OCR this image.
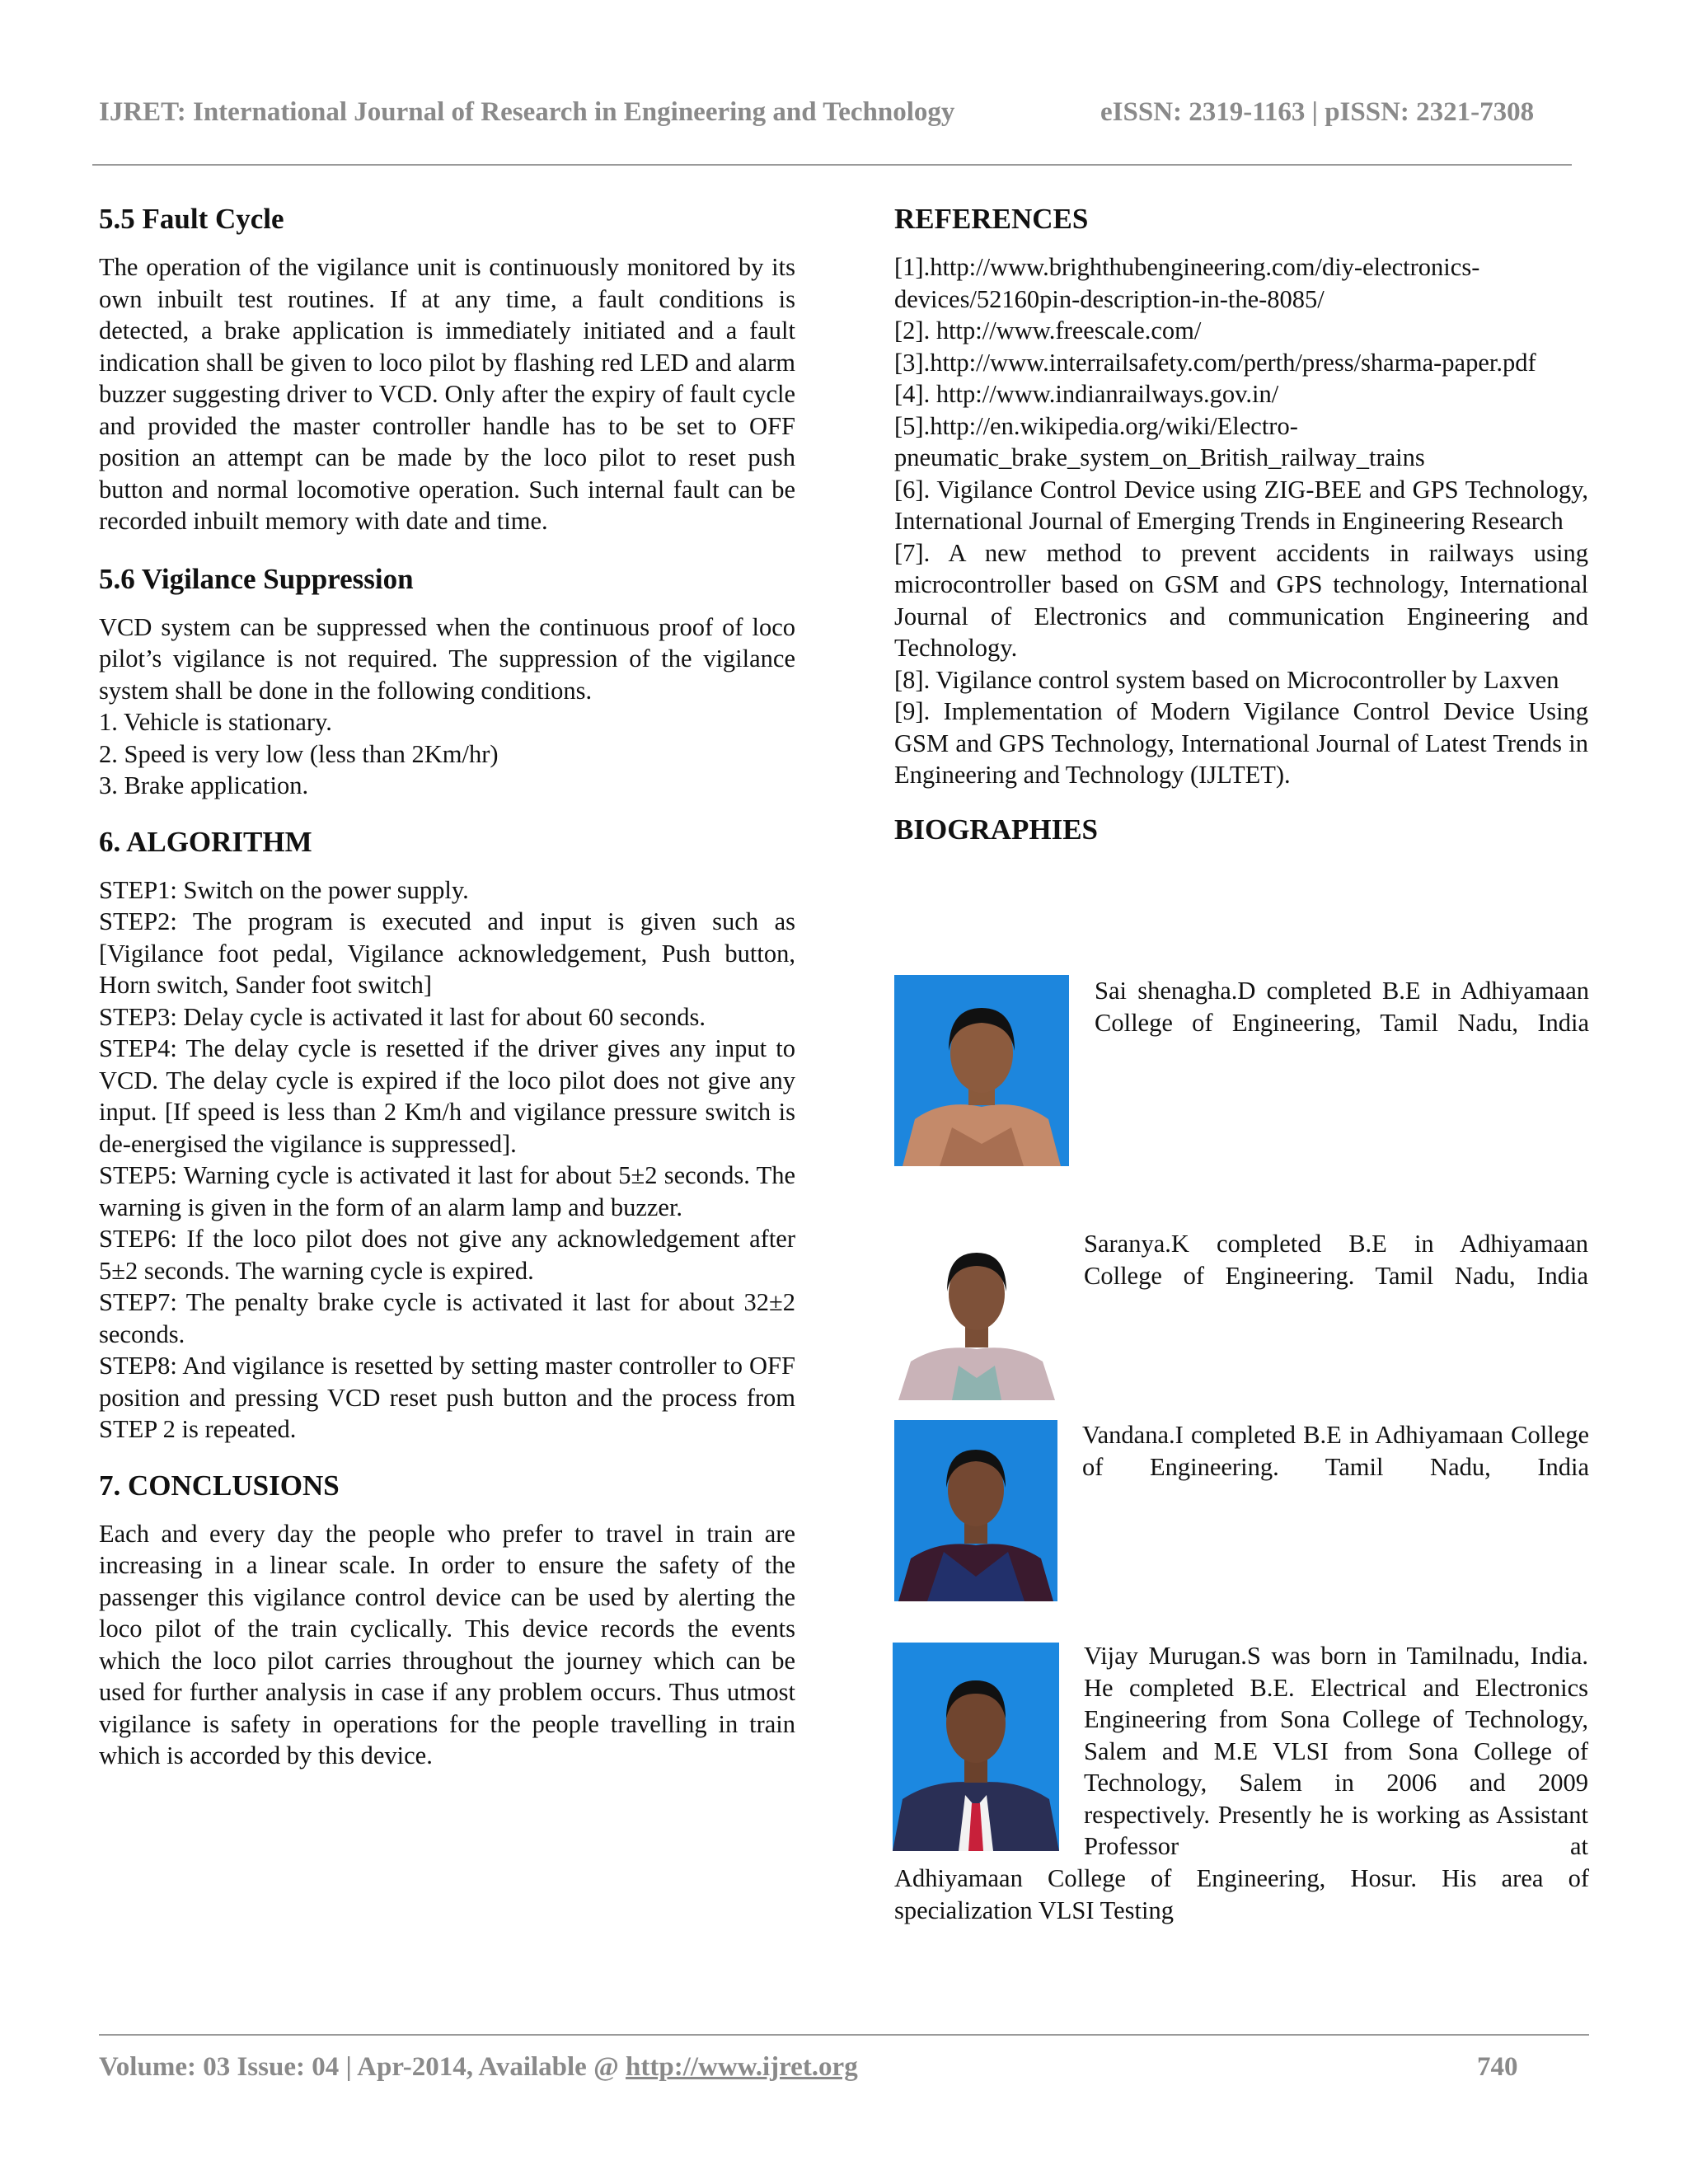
IJRET: International Journal of Research in Engineering and Technology	eISSN: 2319-1163 | pISSN: 2321-7308
5.5 Fault Cycle

The operation of the vigilance unit is continuously monitored by its own inbuilt test routines. If at any time, a fault conditions is detected, a brake application is immediately initiated and a fault indication shall be given to loco pilot by flashing red LED and alarm buzzer suggesting driver to VCD. Only after the expiry of fault cycle and provided the master controller handle has to be set to OFF position an attempt can be made by the loco pilot to reset push button and normal locomotive operation. Such internal fault can be recorded inbuilt memory with date and time.

5.6 Vigilance Suppression

VCD system can be suppressed when the continuous proof of loco pilot’s vigilance is not required. The suppression of the vigilance system shall be done in the following conditions.

1. Vehicle is stationary.

2. Speed is very low (less than 2Km/hr)

3. Brake application.

6. ALGORITHM

STEP1: Switch on the power supply.

STEP2: The program is executed and input is given such as [Vigilance foot pedal, Vigilance acknowledgement, Push button, Horn switch, Sander foot switch]

STEP3: Delay cycle is activated it last for about 60 seconds.

STEP4: The delay cycle is resetted if the driver gives any input to VCD. The delay cycle is expired if the loco pilot does not give any input. [If speed is less than 2 Km/h and vigilance pressure switch is de-energised the vigilance is suppressed].

STEP5: Warning cycle is activated it last for about 5±2 seconds. The warning is given in the form of an alarm lamp and buzzer.

STEP6: If the loco pilot does not give any acknowledgement after 5±2 seconds. The warning cycle is expired.

STEP7: The penalty brake cycle is activated it last for about 32±2 seconds.

STEP8: And vigilance is resetted by setting master controller to OFF position and pressing VCD reset push button and the process from STEP 2 is repeated.

7. CONCLUSIONS

Each and every day the people who prefer to travel in train are increasing in a linear scale. In order to ensure the safety of the passenger this vigilance control device can be used by alerting the loco pilot of the train cyclically. This device records the events which the loco pilot carries throughout the journey which can be used for further analysis in case if any problem occurs. Thus utmost vigilance is safety in operations for the people travelling in train which is accorded by this device.

REFERENCES

[1].http://www.brighthubengineering.com/diy-electronics-devices/52160pin-description-in-the-8085/

[2]. http://www.freescale.com/

[3].http://www.interrailsafety.com/perth/press/sharma-paper.pdf

[4]. http://www.indianrailways.gov.in/

[5].http://en.wikipedia.org/wiki/Electro-pneumatic_brake_system_on_British_railway_trains

[6]. Vigilance Control Device using ZIG-BEE and GPS Technology, International Journal of Emerging Trends in Engineering Research

[7]. A new method to prevent accidents in railways using microcontroller based on GSM and GPS technology, International Journal of Electronics and communication Engineering and Technology.

[8]. Vigilance control system based on Microcontroller by Laxven

[9]. Implementation of Modern Vigilance Control Device Using GSM and GPS Technology, International Journal of Latest Trends in Engineering and Technology (IJLTET).

BIOGRAPHIES
Sai shenagha.D completed B.E in Adhiyamaan College of Engineering, Tamil Nadu, India
Saranya.K completed B.E in Adhiyamaan College of Engineering. Tamil Nadu, India
Vandana.I completed B.E in Adhiyamaan College of Engineering. Tamil Nadu, India
Vijay Murugan.S was born in Tamilnadu, India. He completed B.E. Electrical and Electronics Engineering from Sona College of Technology, Salem and M.E VLSI from Sona College of Technology, Salem in 2006 and 2009 respectively. Presently he is working as Assistant Professor at
Adhiyamaan College of Engineering, Hosur. His area of specialization VLSI Testing
Volume: 03 Issue: 04 | Apr-2014, Available @ http://www.ijret.org	740
